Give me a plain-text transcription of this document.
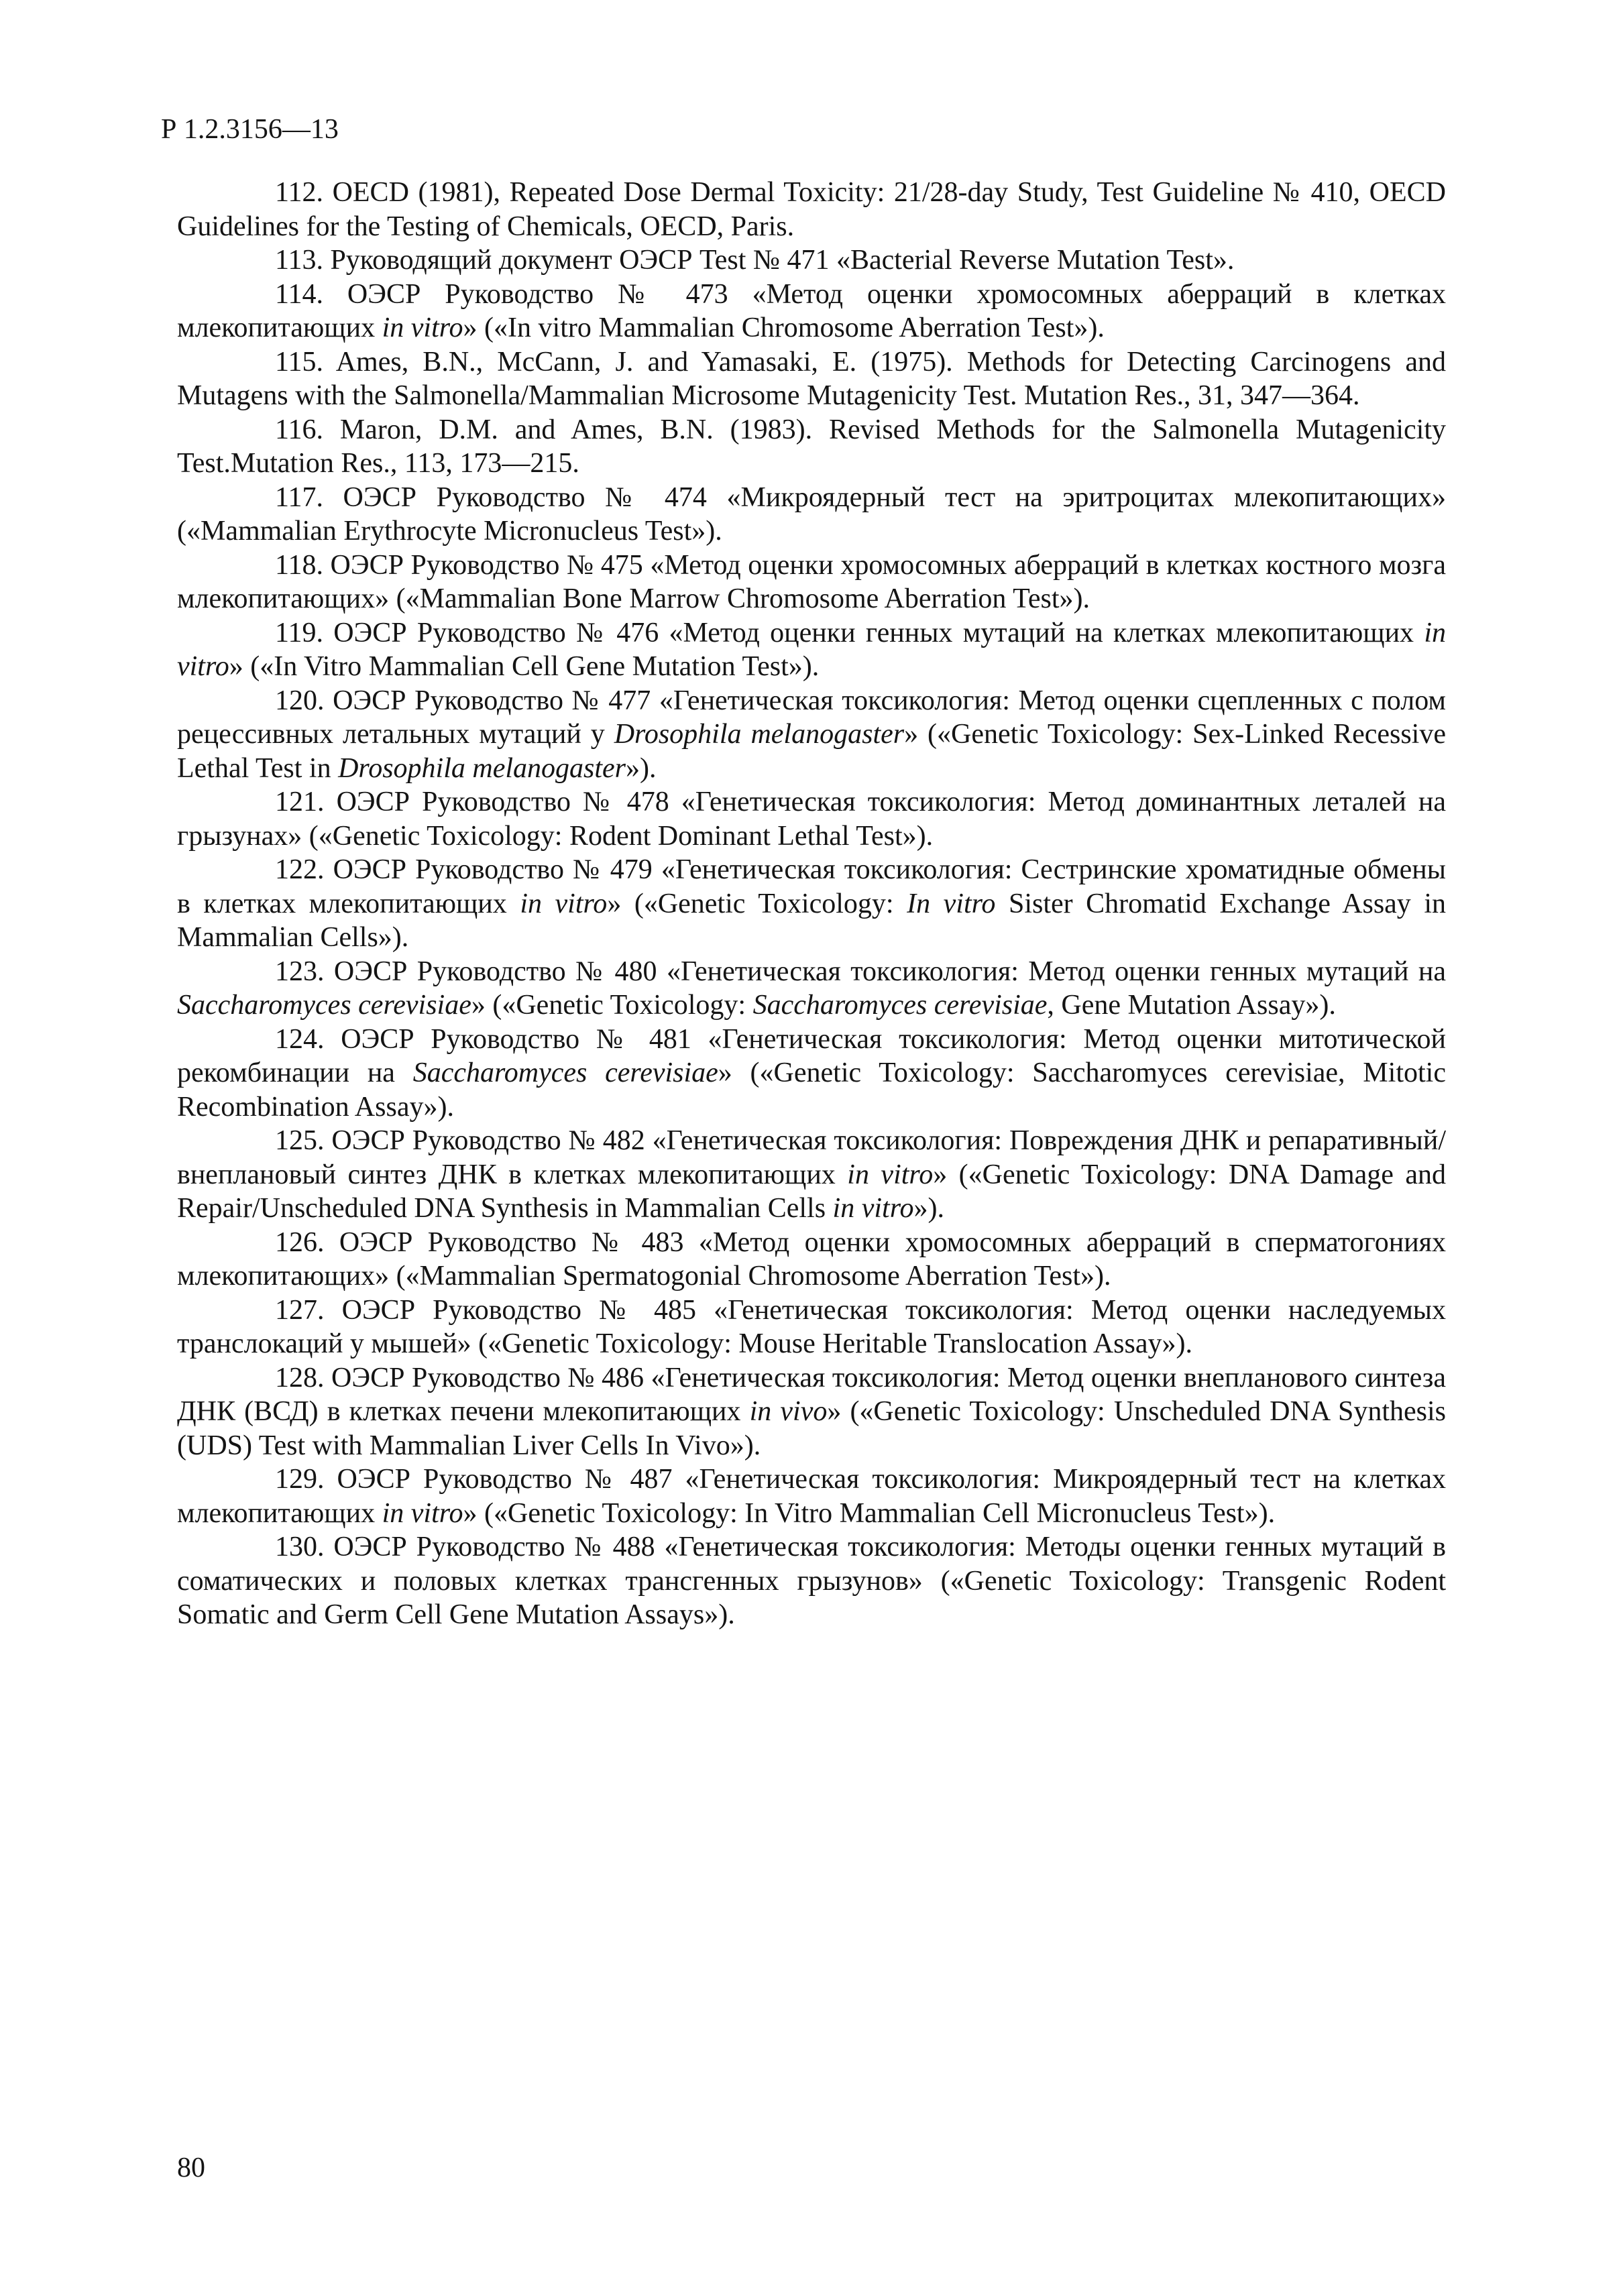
Р 1.2.3156—13

112. OECD (1981), Repeated Dose Dermal Toxicity: 21/28-day Study, Test Guideline № 410, OECD Guidelines for the Testing of Chemicals, OECD, Paris.

113. Руководящий документ ОЭСР Test № 471 «Bacterial Reverse Mutation Test».

114. ОЭСР Руководство № 473 «Метод оценки хромосомных аберраций в клетках млекопитающих in vitro» («In vitro Mammalian Chromosome Aberration Test»).

115. Ames, B.N., McCann, J. and Yamasaki, E. (1975). Methods for Detecting Carcinogens and Mutagens with the Salmonella/Mammalian Microsome Mutagenicity Test. Mutation Res., 31, 347—364.

116. Maron, D.M. and Ames, B.N. (1983). Revised Methods for the Salmonella Mutagenicity Test.Mutation Res., 113, 173—215.

117. ОЭСР Руководство № 474 «Микроядерный тест на эритроцитах млекопитающих» («Mammalian Erythrocyte Micronucleus Test»).

118. ОЭСР Руководство № 475 «Метод оценки хромосомных аберраций в клетках костного мозга млекопитающих» («Mammalian Bone Marrow Chromosome Aberration Test»).

119. ОЭСР Руководство № 476 «Метод оценки генных мутаций на клетках млекопитающих in vitro» («In Vitro Mammalian Cell Gene Mutation Test»).

120. ОЭСР Руководство № 477 «Генетическая токсикология: Метод оценки сцепленных с полом рецессивных летальных мутаций у Drosophila melanogaster» («Genetic Toxicology: Sex-Linked Recessive Lethal Test in Drosophila melanogaster»).

121. ОЭСР Руководство № 478 «Генетическая токсикология: Метод доминантных леталей на грызунах» («Genetic Toxicology: Rodent Dominant Lethal Test»).

122. ОЭСР Руководство № 479 «Генетическая токсикология: Сестринские хроматидные обмены в клетках млекопитающих in vitro» («Genetic Toxicology: In vitro Sister Chromatid Exchange Assay in Mammalian Cells»).

123. ОЭСР Руководство № 480 «Генетическая токсикология: Метод оценки генных мутаций на Saccharomyces cerevisiae» («Genetic Toxicology: Saccharomyces cerevisiae, Gene Mutation Assay»).

124. ОЭСР Руководство № 481 «Генетическая токсикология: Метод оценки митотической рекомбинации на Saccharomyces cerevisiae» («Genetic Toxicology: Saccharomyces cerevisiae, Mitotic Recombination Assay»).

125. ОЭСР Руководство № 482 «Генетическая токсикология: Повреждения ДНК и репаративный/внеплановый синтез ДНК в клетках млекопитающих in vitro» («Genetic Toxicology: DNA Damage and Repair/Unscheduled DNA Synthesis in Mammalian Cells in vitro»).

126. ОЭСР Руководство № 483 «Метод оценки хромосомных аберраций в сперматогониях млекопитающих» («Mammalian Spermatogonial Chromosome Aberration Test»).

127. ОЭСР Руководство № 485 «Генетическая токсикология: Метод оценки наследуемых транслокаций у мышей» («Genetic Toxicology: Mouse Heritable Translocation Assay»).

128. ОЭСР Руководство № 486 «Генетическая токсикология: Метод оценки внепланового синтеза ДНК (ВСД) в клетках печени млекопитающих in vivo» («Genetic Toxicology: Unscheduled DNA Synthesis (UDS) Test with Mammalian Liver Cells In Vivo»).

129. ОЭСР Руководство № 487 «Генетическая токсикология: Микроядерный тест на клетках млекопитающих in vitro» («Genetic Toxicology: In Vitro Mammalian Cell Micronucleus Test»).

130. ОЭСР Руководство № 488 «Генетическая токсикология: Методы оценки генных мутаций в соматических и половых клетках трансгенных грызунов» («Genetic Toxicology: Transgenic Rodent Somatic and Germ Cell Gene Mutation Assays»).

80
